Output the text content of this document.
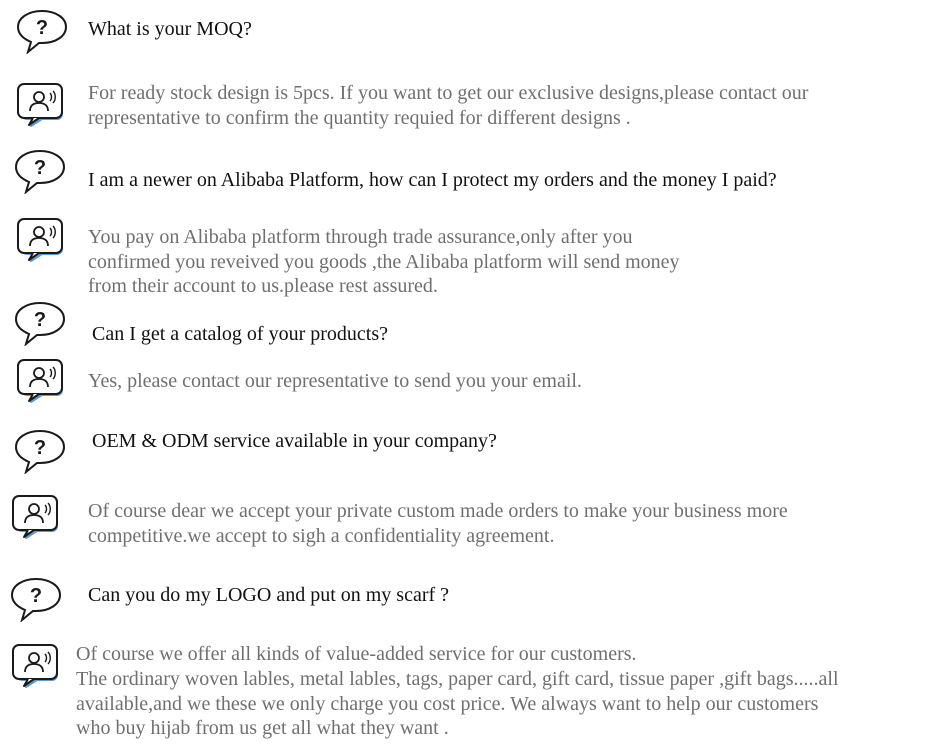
What is your MOQ?

For ready stock design is 5pcs. If you want to get our exclusive designs,please contact our

representative to confirm the quantity requied for different designs .

I am a newer on Alibaba Platform, how can I protect my orders and the money I paid?

You pay on Alibaba platform through trade assurance,only after you

confirmed you reveived you goods ,the Alibaba platform will send money

from their account to us.please rest assured.

Can I get a catalog of your products?

Yes, please contact our representative to send you your email.

OEM & ODM service available in your company?

Of course dear we accept your private custom made orders to make your business more

competitive.we accept to sigh a confidentiality agreement.

Can you do my LOGO and put on my scarf ?

Of course we offer all kinds of value-added service for our customers.

The ordinary woven lables, metal lables, tags, paper card, gift card, tissue paper ,gift bags.....all

available,and we these we only charge you cost price. We always want to help our customers

who buy hijab from us get all what they want .
